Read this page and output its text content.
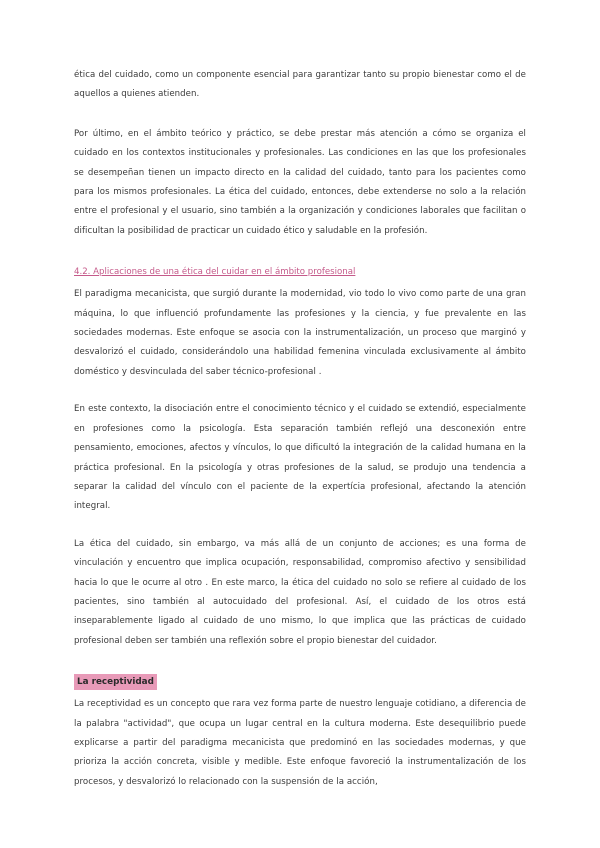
ética del cuidado, como un componente esencial para garantizar tanto su propio bienestar como el de aquellos a quienes atienden.

Por último, en el ámbito teórico y práctico, se debe prestar más atención a cómo se organiza el cuidado en los contextos institucionales y profesionales. Las condiciones en las que los profesionales se desempeñan tienen un impacto directo en la calidad del cuidado, tanto para los pacientes como para los mismos profesionales. La ética del cuidado, entonces, debe extenderse no solo a la relación entre el profesional y el usuario, sino también a la organización y condiciones laborales que facilitan o dificultan la posibilidad de practicar un cuidado ético y saludable en la profesión.

4.2. Aplicaciones de una ética del cuidar en el ámbito profesional

El paradigma mecanicista, que surgió durante la modernidad, vio todo lo vivo como parte de una gran máquina, lo que influenció profundamente las profesiones y la ciencia, y fue prevalente en las sociedades modernas. Este enfoque se asocia con la instrumentalización, un proceso que marginó y desvalorizó el cuidado, considerándolo una habilidad femenina vinculada exclusivamente al ámbito doméstico y desvinculada del saber técnico-profesional .

En este contexto, la disociación entre el conocimiento técnico y el cuidado se extendió, especialmente en profesiones como la psicología. Esta separación también reflejó una desconexión entre pensamiento, emociones, afectos y vínculos, lo que dificultó la integración de la calidad humana en la práctica profesional. En la psicología y otras profesiones de la salud, se produjo una tendencia a separar la calidad del vínculo con el paciente de la expertícia profesional, afectando la atención integral.

La ética del cuidado, sin embargo, va más allá de un conjunto de acciones; es una forma de vinculación y encuentro que implica ocupación, responsabilidad, compromiso afectivo y sensibilidad hacia lo que le ocurre al otro . En este marco, la ética del cuidado no solo se refiere al cuidado de los pacientes, sino también al autocuidado del profesional. Así, el cuidado de los otros está inseparablemente ligado al cuidado de uno mismo, lo que implica que las prácticas de cuidado profesional deben ser también una reflexión sobre el propio bienestar del cuidador.

La receptividad

La receptividad es un concepto que rara vez forma parte de nuestro lenguaje cotidiano, a diferencia de la palabra "actividad", que ocupa un lugar central en la cultura moderna. Este desequilibrio puede explicarse a partir del paradigma mecanicista que predominó en las sociedades modernas, y que prioriza la acción concreta, visible y medible. Este enfoque favoreció la instrumentalización de los procesos, y desvalorizó lo relacionado con la suspensión de la acción,
